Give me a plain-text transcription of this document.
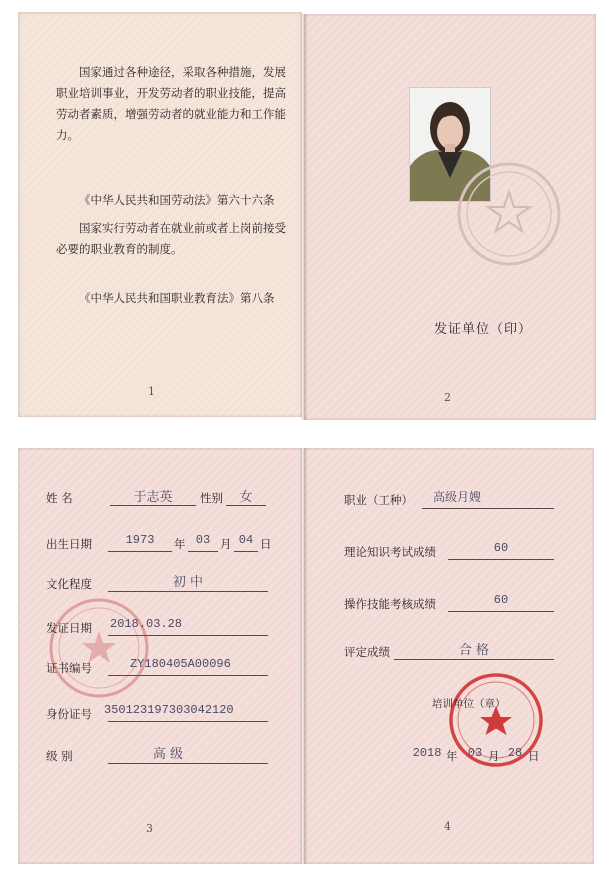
国家通过各种途径，采取各种措施，发展职业培训事业，开发劳动者的职业技能，提高劳动者素质，增强劳动者的就业能力和工作能力。

《中华人民共和国劳动法》第六十六条

国家实行劳动者在就业前或者上岗前接受必要的职业教育的制度。

《中华人民共和国职业教育法》第八条

1
发证单位（印）
2
姓 名	于志英	性别	女
出生日期	1973	年 03 月 04 日
文化程度	初 中
发证日期 2018.03.28
证书编号	ZY180405A00096
身份证号 350123197303042120
级 别	高 级
3
职业（工种）	高级月嫂
理论知识考试成绩	60
操作技能考核成绩	60
评定成绩	合 格
培训单位（章）
2018 年 03 月 28 日
4
